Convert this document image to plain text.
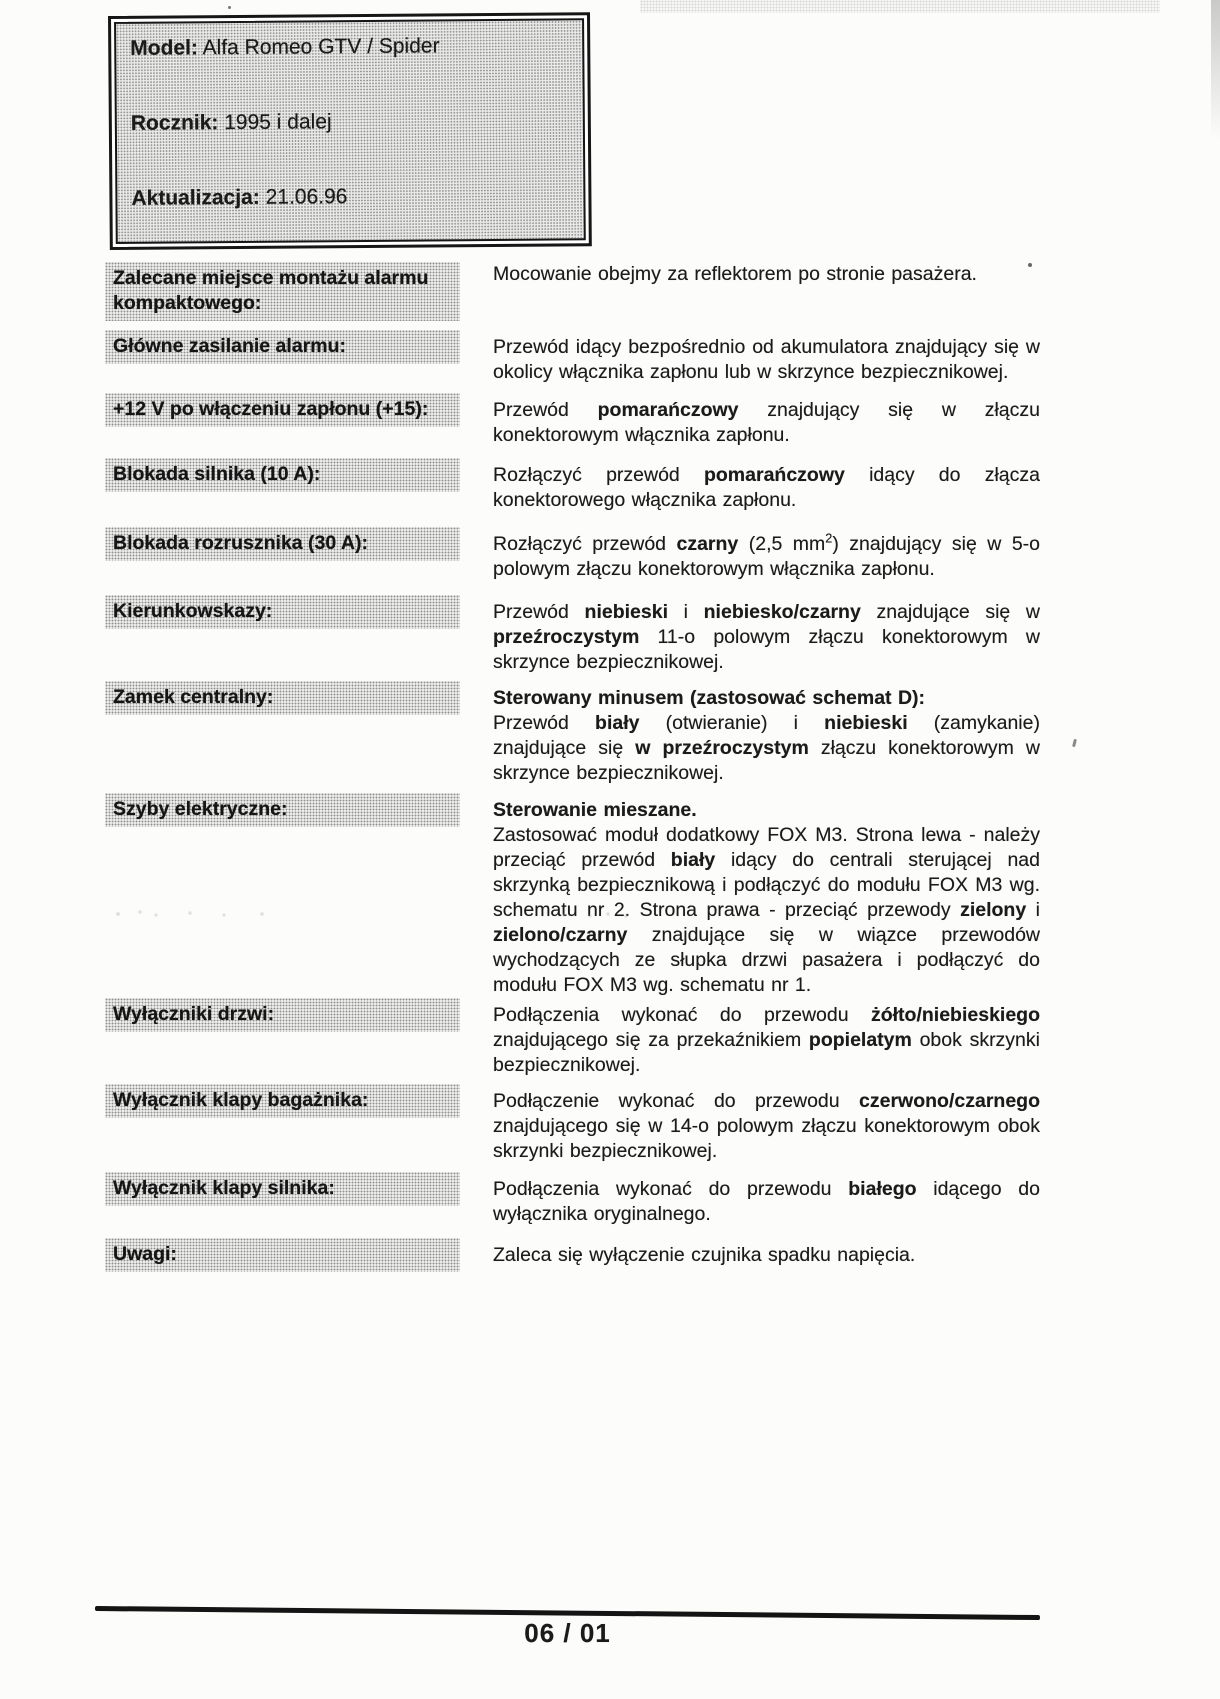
Model: Alfa Romeo GTV / Spider

Rocznik: 1995 i dalej

Aktualizacja: 21.06.96

Zalecane miejsce montażu alarmu kompaktowego:

Mocowanie obejmy za reflektorem po stronie pasażera.

Główne zasilanie alarmu:	Przewód idący bezpośrednio od akumulatora znajdujący się w okolicy włącznika zapłonu lub w skrzynce bezpiecznikowej.

+12 V po włączeniu zapłonu (+15):	Przewód pomarańczowy znajdujący się w złączu konektorowym włącznika zapłonu.

Blokada silnika (10 A):	Rozłączyć przewód pomarańczowy idący do złącza konektorowego włącznika zapłonu.

Blokada rozrusznika (30 A):	Rozłączyć przewód czarny (2,5 $mm^2$) znajdujący się w 5-o polowym złączu konektorowym włącznika zapłonu.

Kierunkowskazy:	Przewód niebieski i niebiesko/czarny znajdujące się w przeźroczystym 11-o polowym złączu konektorowym w skrzynce bezpiecznikowej.

Zamek centralny:	Sterowany minusem (zastosować schemat D):

Przewód biały (otwieranie) i niebieski (zamykanie) znajdujące się w przeźroczystym złączu konektorowym w skrzynce bezpiecznikowej.

Szyby elektryczne:	Sterowanie mieszane.

Zastosować moduł dodatkowy FOX M3. Strona lewa - należy przeciąć przewód biały idący do centrali sterującej nad skrzynką bezpiecznikową i podłączyć do modułu FOX M3 wg. schematu nr 2. Strona prawa - przeciąć przewody zielony i zielono/czarny znajdujące się w wiązce przewodów wychodzących ze słupka drzwi pasażera i podłączyć do modułu FOX M3 wg. schematu nr 1.

Wyłączniki drzwi:	Podłączenia wykonać do przewodu żółto/niebieskiego znajdującego się za przekaźnikiem popielatym obok skrzynki bezpiecznikowej.

Wyłącznik klapy bagażnika:	Podłączenie wykonać do przewodu czerwono/czarnego znajdującego się w 14-o polowym złączu konektorowym obok skrzynki bezpiecznikowej.

Wyłącznik klapy silnika:	Podłączenia wykonać do przewodu białego idącego do wyłącznika oryginalnego.

Uwagi:	Zaleca się wyłączenie czujnika spadku napięcia.

06 / 01
